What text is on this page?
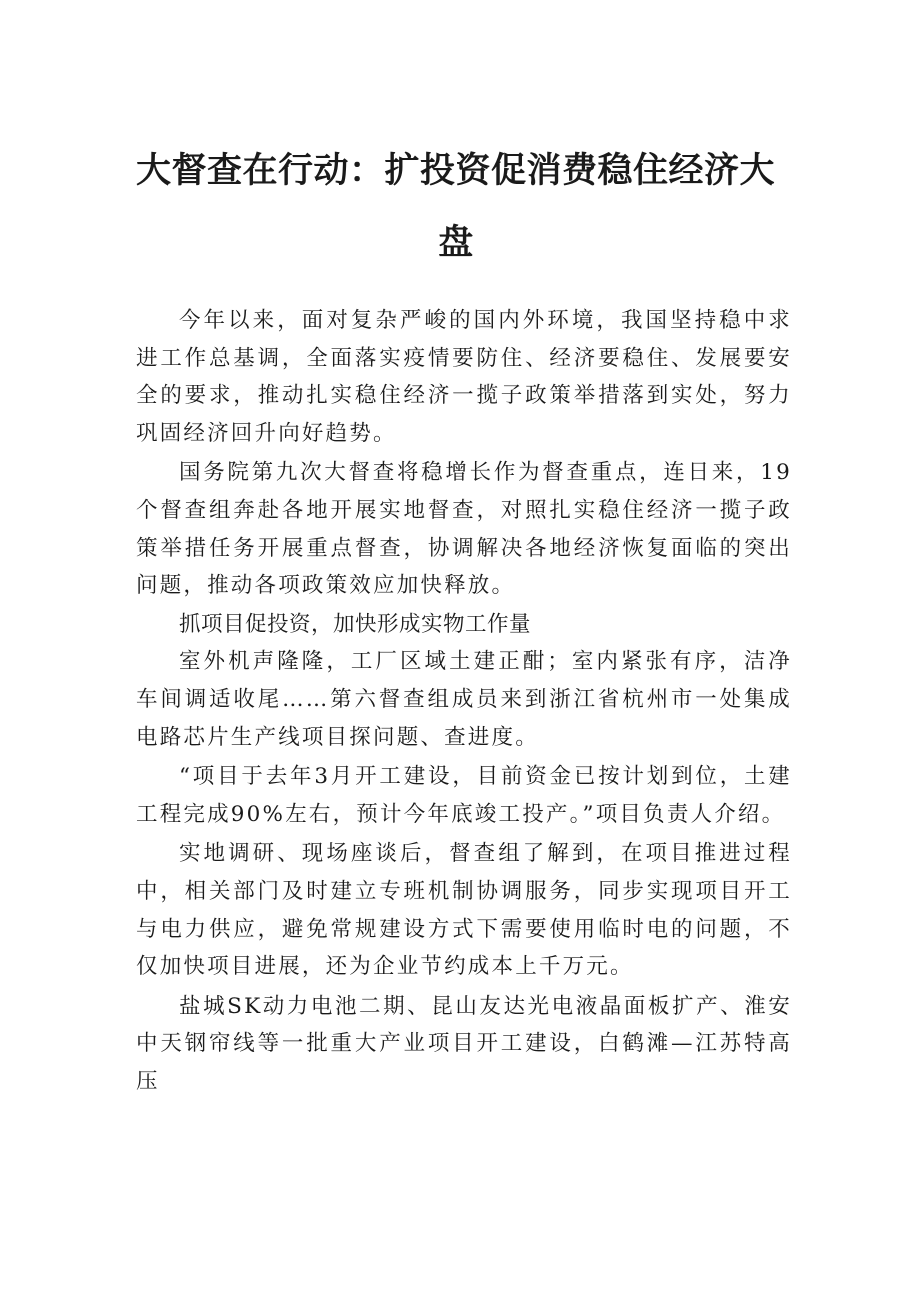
大督查在行动：扩投资促消费稳住经济大
盘

今年以来，面对复杂严峻的国内外环境，我国坚持稳中求进工作总基调，全面落实疫情要防住、经济要稳住、发展要安全的要求，推动扎实稳住经济一揽子政策举措落到实处，努力巩固经济回升向好趋势。

国务院第九次大督查将稳增长作为督查重点，连日来，19个督查组奔赴各地开展实地督查，对照扎实稳住经济一揽子政策举措任务开展重点督查，协调解决各地经济恢复面临的突出问题，推动各项政策效应加快释放。

抓项目促投资，加快形成实物工作量

室外机声隆隆，工厂区域土建正酣；室内紧张有序，洁净车间调适收尾……第六督查组成员来到浙江省杭州市一处集成电路芯片生产线项目探问题、查进度。

“项目于去年3月开工建设，目前资金已按计划到位，土建工程完成90%左右，预计今年底竣工投产。”项目负责人介绍。

实地调研、现场座谈后，督查组了解到，在项目推进过程中，相关部门及时建立专班机制协调服务，同步实现项目开工与电力供应，避免常规建设方式下需要使用临时电的问题，不仅加快项目进展，还为企业节约成本上千万元。

盐城SK动力电池二期、昆山友达光电液晶面板扩产、淮安中天钢帘线等一批重大产业项目开工建设，白鹤滩—江苏特高压
